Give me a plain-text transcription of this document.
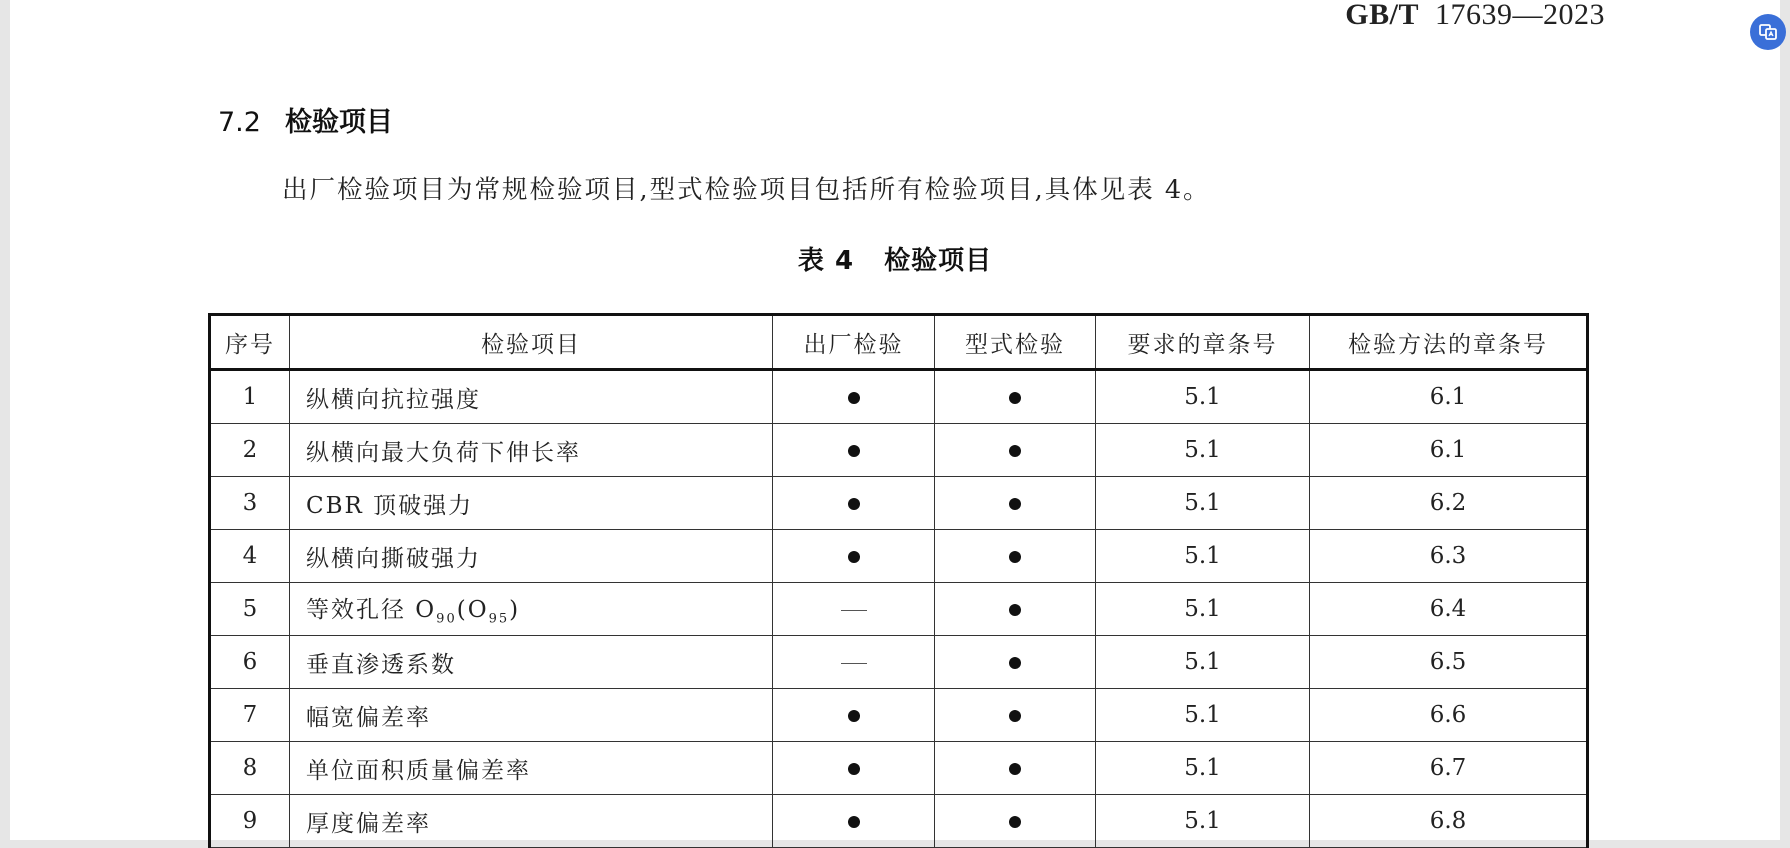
GB/T 17639—2023
7.2 检验项目
出厂检验项目为常规检验项目,型式检验项目包括所有检验项目,具体见表 4。
表 4 检验项目
序号	检验项目	出厂检验	型式检验	要求的章条号	检验方法的章条号
1	纵横向抗拉强度			5.1	6.1
2	纵横向最大负荷下伸长率			5.1	6.1
3	CBR 顶破强力			5.1	6.2
4	纵横向撕破强力			5.1	6.3
5	等效孔径 $O_{90}(O_{95})$			5.1	6.4
6	垂直渗透系数			5.1	6.5
7	幅宽偏差率			5.1	6.6
8	单位面积质量偏差率			5.1	6.7
9	厚度偏差率			5.1	6.8
